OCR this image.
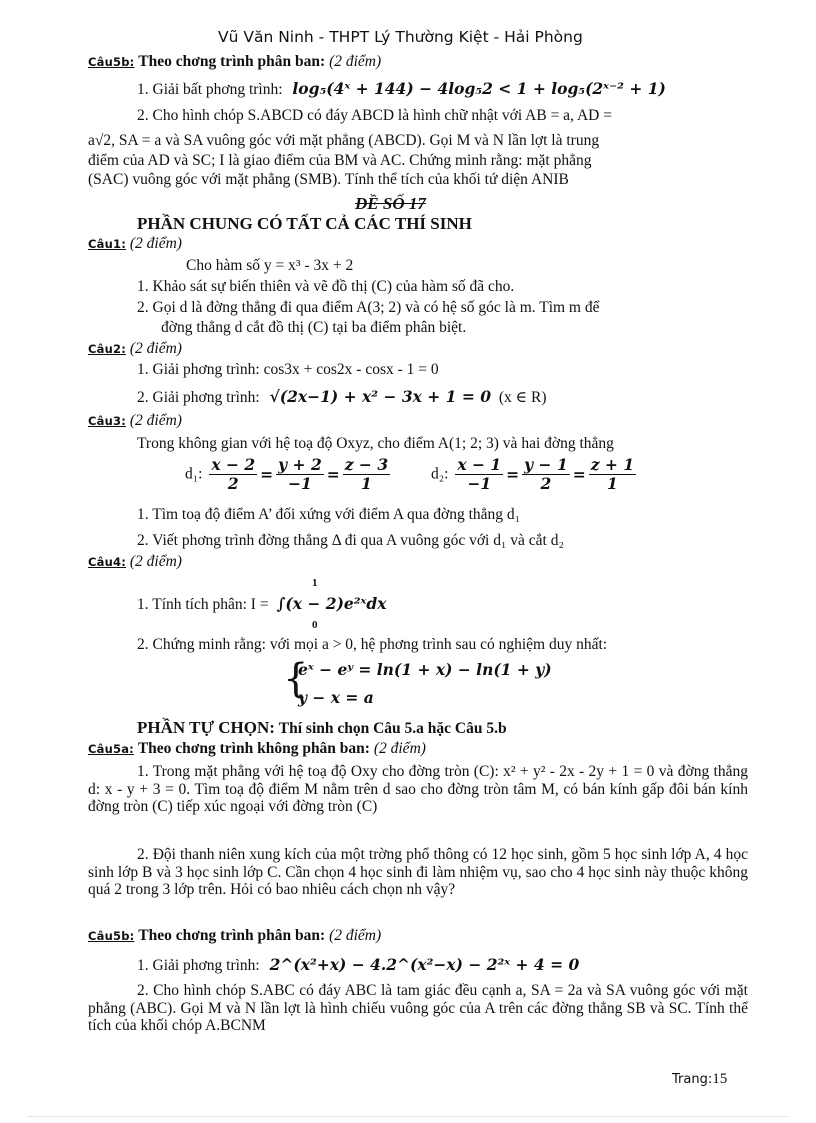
Vũ Văn Ninh - THPT Lý Thường Kiệt - Hải Phòng
Câu5b: Theo chơng trình phân ban: (2 điểm)
1. Giải bất phơng trình: log₅(4ˣ + 144) − 4log₅2 < 1 + log₅(2ˣ⁻² + 1)
2. Cho hình chóp S.ABCD có đáy ABCD là hình chữ nhật với AB = a, AD =
a√2, SA = a và SA vuông góc với mặt phẳng (ABCD). Gọi M và N lần lợt là trung
điểm của AD và SC; I là giao điểm của BM và AC. Chứng minh rằng: mặt phẳng
(SAC) vuông góc với mặt phẳng (SMB). Tính thể tích của khối tứ diện ANIB
ĐỀ SỐ 17
PHẦN CHUNG CÓ TẤT CẢ CÁC THÍ SINH
Câu1: (2 điểm)
Cho hàm số y = x³ - 3x + 2
1. Khảo sát sự biến thiên và vẽ đồ thị (C) của hàm số đã cho.
2. Gọi d là đờng thẳng đi qua điểm A(3; 2) và có hệ số góc là m. Tìm m để
đờng thẳng d cắt đồ thị (C) tại ba điểm phân biệt.
Câu2: (2 điểm)
1. Giải phơng trình: cos3x + cos2x - cosx - 1 = 0
2. Giải phơng trình: √(2x−1) + x² − 3x + 1 = 0 (x ∈ R)
Câu3: (2 điểm)
Trong không gian với hệ toạ độ Oxyz, cho điểm A(1; 2; 3) và hai đờng thẳng
d₁: $\frac{x - 2}{2} = \frac{y + 2}{-1} = \frac{z - 3}{1}$	d₂: $\frac{x - 1}{-1} = \frac{y - 1}{2} = \frac{z + 1}{1}$
1. Tìm toạ độ điểm A’ đối xứng với điểm A qua đờng thẳng d₁
2. Viết phơng trình đờng thẳng Δ đi qua A vuông góc với d₁ và cắt d₂
Câu4: (2 điểm)
1
1. Tính tích phân: I = ∫(x − 2)e²ˣdx
0
2. Chứng minh rằng: với mọi a > 0, hệ phơng trình sau có nghiệm duy nhất:
{
eˣ − eʸ = ln(1 + x) − ln(1 + y)
y − x = a
PHẦN TỰ CHỌN: Thí sinh chọn Câu 5.a hặc Câu 5.b
Câu5a: Theo chơng trình không phân ban: (2 điểm)
1. Trong mặt phẳng với hệ toạ độ Oxy cho đờng tròn (C): x² + y² - 2x - 2y + 1 = 0 và đờng thẳng d: x - y + 3 = 0. Tìm toạ độ điểm M nằm trên d sao cho đờng tròn tâm M, có bán kính gấp đôi bán kính đờng tròn (C) tiếp xúc ngoại với đờng tròn (C)
2. Đội thanh niên xung kích của một trờng phổ thông có 12 học sinh, gồm 5 học sinh lớp A, 4 học sinh lớp B và 3 học sinh lớp C. Cần chọn 4 học sinh đi làm nhiệm vụ, sao cho 4 học sinh này thuộc không quá 2 trong 3 lớp trên. Hỏi có bao nhiêu cách chọn nh vậy?
Câu5b: Theo chơng trình phân ban: (2 điểm)
1. Giải phơng trình: 2^(x²+x) − 4.2^(x²−x) − 2²ˣ + 4 = 0
2. Cho hình chóp S.ABC có đáy ABC là tam giác đều cạnh a, SA = 2a và SA vuông góc với mặt phẳng (ABC). Gọi M và N lần lợt là hình chiếu vuông góc của A trên các đờng thẳng SB và SC. Tính thể tích của khối chóp A.BCNM
Trang:15
